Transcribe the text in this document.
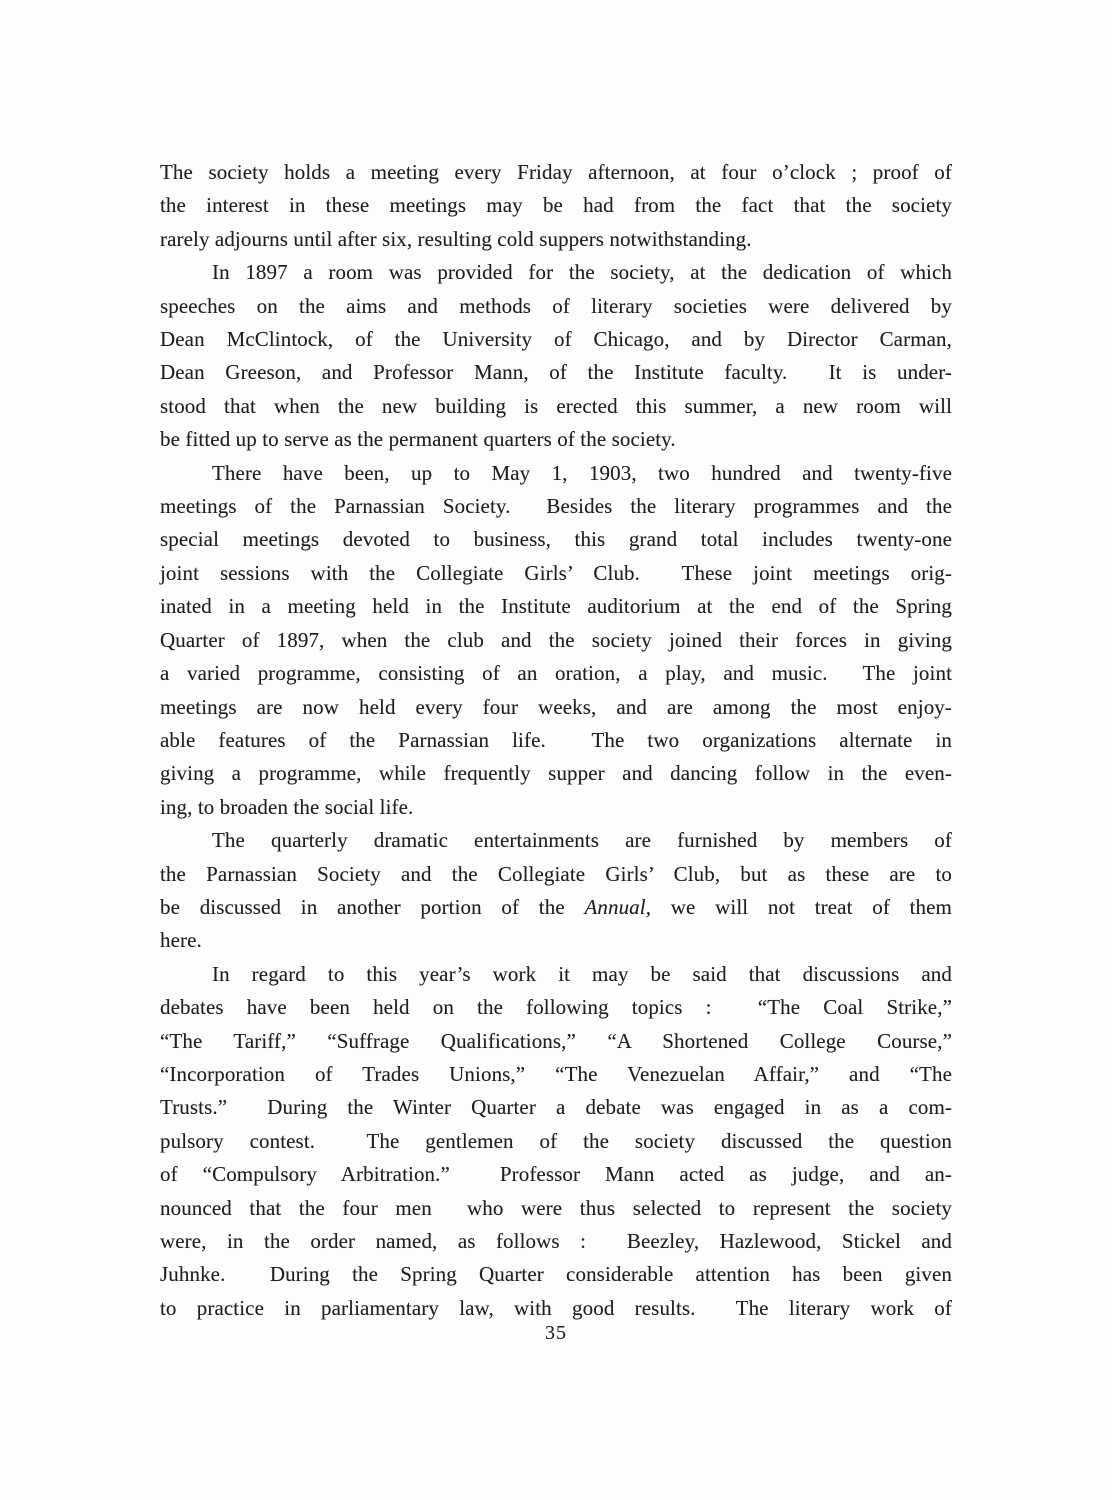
The society holds a meeting every Friday afternoon, at four o’clock ; proof of
the interest in these meetings may be had from the fact that the society
rarely adjourns until after six, resulting cold suppers notwithstanding.
In 1897 a room was provided for the society, at the dedication of which
speeches on the aims and methods of literary societies were delivered by
Dean McClintock, of the University of Chicago, and by Director Carman,
Dean Greeson, and Professor Mann, of the Institute faculty.  It is under-
stood that when the new building is erected this summer, a new room will
be fitted up to serve as the permanent quarters of the society.
There have been, up to May 1, 1903, two hundred and twenty-five
meetings of the Parnassian Society.  Besides the literary programmes and the
special meetings devoted to business, this grand total includes twenty-one
joint sessions with the Collegiate Girls’ Club.  These joint meetings orig-
inated in a meeting held in the Institute auditorium at the end of the Spring
Quarter of 1897, when the club and the society joined their forces in giving
a varied programme, consisting of an oration, a play, and music.  The joint
meetings are now held every four weeks, and are among the most enjoy-
able features of the Parnassian life.  The two organizations alternate in
giving a programme, while frequently supper and dancing follow in the even-
ing, to broaden the social life.
The quarterly dramatic entertainments are furnished by members of
the Parnassian Society and the Collegiate Girls’ Club, but as these are to
be discussed in another portion of the Annual, we will not treat of them
here.
In regard to this year’s work it may be said that discussions and
debates have been held on the following topics :  “The Coal Strike,”
“The Tariff,” “Suffrage Qualifications,” “A Shortened College Course,”
“Incorporation of Trades Unions,” “The Venezuelan Affair,” and “The
Trusts.”  During the Winter Quarter a debate was engaged in as a com-
pulsory contest.  The gentlemen of the society discussed the question
of “Compulsory Arbitration.”  Professor Mann acted as judge, and an-
nounced that the four men  who were thus selected to represent the society
were, in the order named, as follows :  Beezley, Hazlewood, Stickel and
Juhnke.  During the Spring Quarter considerable attention has been given
to practice in parliamentary law, with good results.  The literary work of
35
